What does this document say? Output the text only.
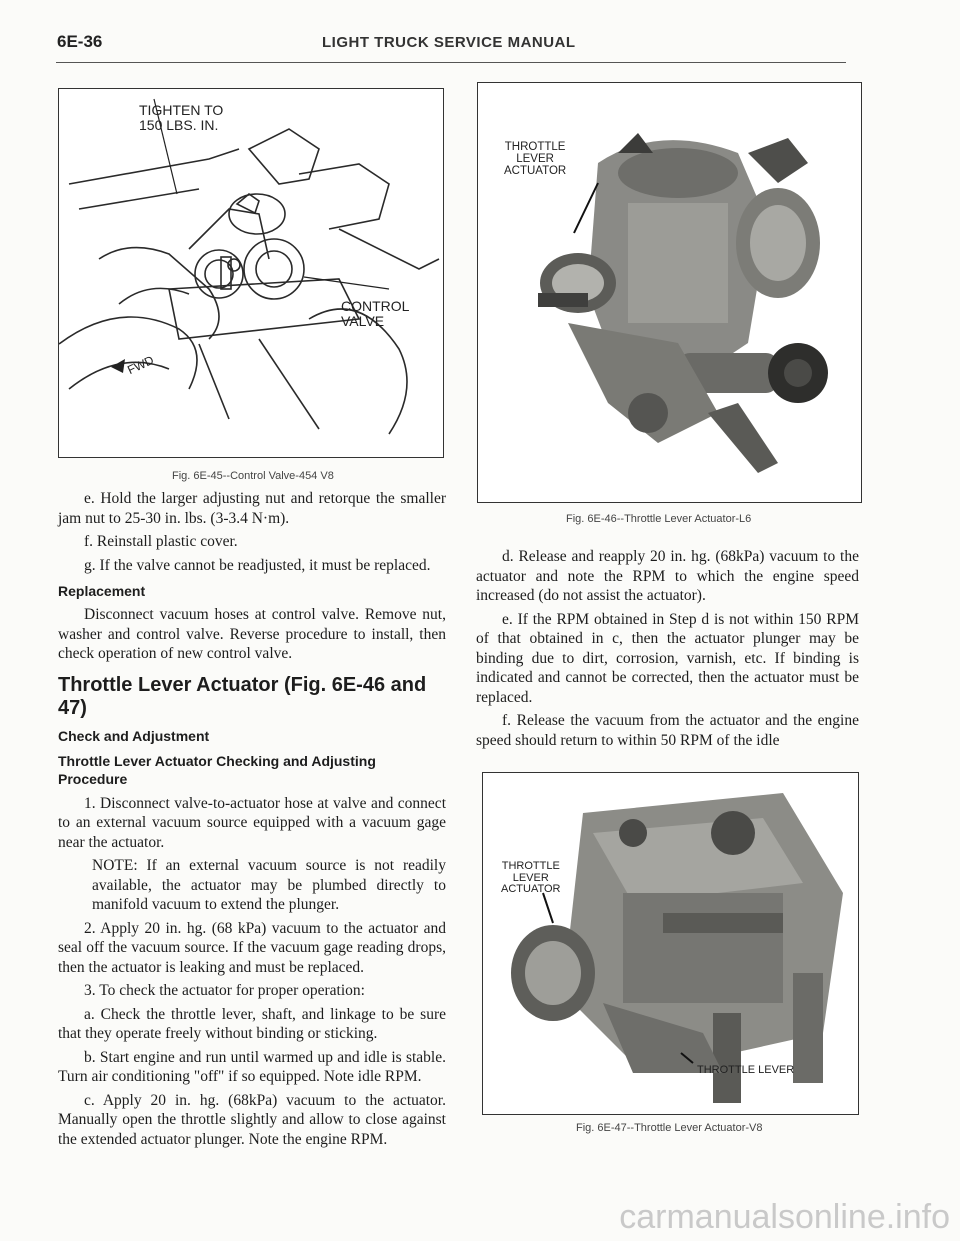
6E-36	LIGHT TRUCK SERVICE MANUAL
TIGHTEN TO
150 LBS. IN.
CONTROL
VALVE
FWD
Fig. 6E-45--Control Valve-454 V8
THROTTLE
LEVER
ACTUATOR
Fig. 6E-46--Throttle Lever Actuator-L6
THROTTLE
LEVER
ACTUATOR
THROTTLE LEVER
Fig. 6E-47--Throttle Lever Actuator-V8

e. Hold the larger adjusting nut and retorque the smaller jam nut to 25-30 in. lbs. (3-3.4 N·m).

f. Reinstall plastic cover.

g. If the valve cannot be readjusted, it must be replaced.

Replacement

Disconnect vacuum hoses at control valve. Remove nut, washer and control valve. Reverse procedure to install, then check operation of new control valve.

Throttle Lever Actuator (Fig. 6E-46 and 47)
Check and Adjustment
Throttle Lever Actuator Checking and Adjusting Procedure

1. Disconnect valve-to-actuator hose at valve and connect to an external vacuum source equipped with a vacuum gage near the actuator.

NOTE: If an external vacuum source is not readily available, the actuator may be plumbed directly to manifold vacuum to extend the plunger.

2. Apply 20 in. hg. (68 kPa) vacuum to the actuator and seal off the vacuum source. If the vacuum gage reading drops, then the actuator is leaking and must be replaced.

3. To check the actuator for proper operation:

a. Check the throttle lever, shaft, and linkage to be sure that they operate freely without binding or sticking.

b. Start engine and run until warmed up and idle is stable. Turn air conditioning "off" if so equipped. Note idle RPM.

c. Apply 20 in. hg. (68kPa) vacuum to the actuator. Manually open the throttle slightly and allow to close against the extended actuator plunger. Note the engine RPM.

d. Release and reapply 20 in. hg. (68kPa) vacuum to the actuator and note the RPM to which the engine speed increased (do not assist the actuator).

e. If the RPM obtained in Step d is not within 150 RPM of that obtained in c, then the actuator plunger may be binding due to dirt, corrosion, varnish, etc. If binding is indicated and cannot be corrected, then the actuator must be replaced.

f. Release the vacuum from the actuator and the engine speed should return to within 50 RPM of the idle

carmanualsonline.info
